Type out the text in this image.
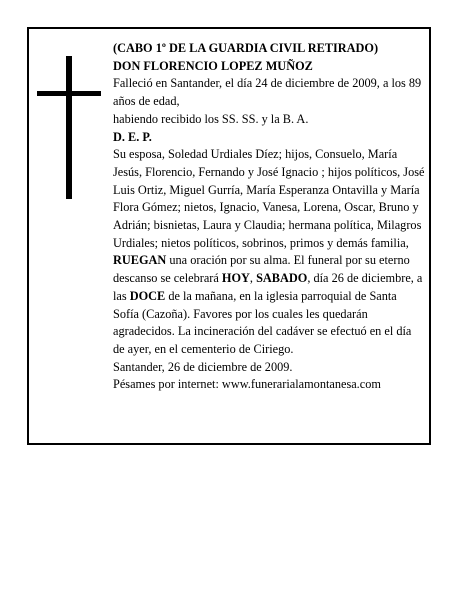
(CABO 1º DE LA GUARDIA CIVIL RETIRADO)

DON FLORENCIO LOPEZ MUÑOZ

Falleció en Santander, el día 24 de diciembre de 2009, a los 89 años de edad,

habiendo recibido los SS. SS. y la B. A.

D. E. P.

Su esposa, Soledad Urdiales Díez; hijos, Consuelo, María Jesús, Florencio, Fernando y José Ignacio ; hijos políticos, José Luis Ortiz, Miguel Gurría, María Esperanza Ontavilla y María Flora Gómez; nietos, Ignacio, Vanesa, Lorena, Oscar, Bruno y Adrián; bisnietas, Laura y Claudia; hermana política, Milagros Urdiales; nietos políticos, sobrinos, primos y demás familia,

RUEGAN una oración por su alma. El funeral por su eterno descanso se celebrará HOY, SABADO, día 26 de diciembre, a las DOCE de la mañana, en la iglesia parroquial de Santa Sofía (Cazoña). Favores por los cuales les quedarán agradecidos. La incineración del cadáver se efectuó en el día de ayer, en el cementerio de Ciriego.

Santander, 26 de diciembre de 2009.

Pésames por internet: www.funerarialamontanesa.com
